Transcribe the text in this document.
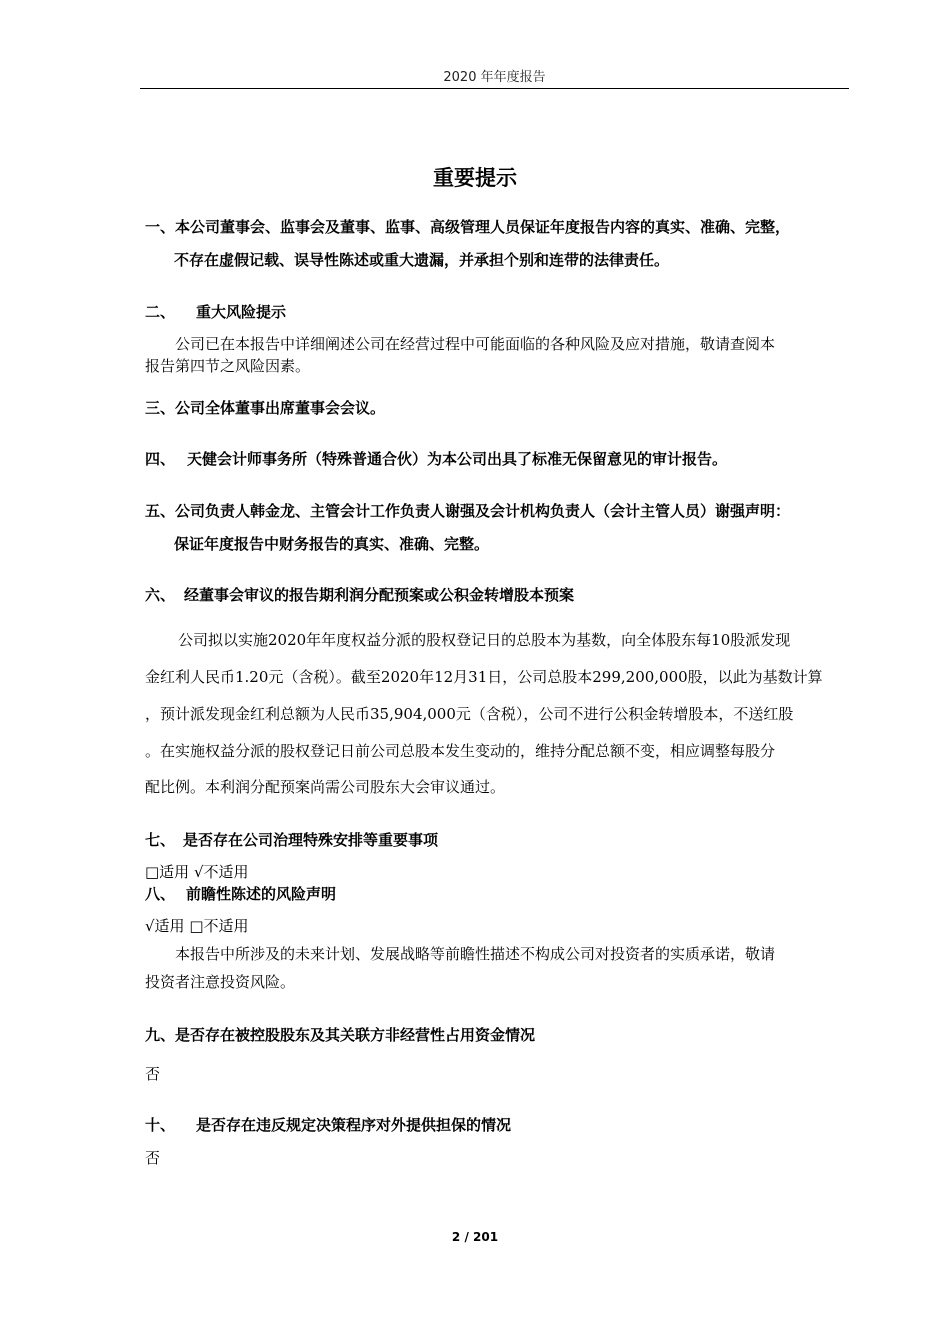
2020 年年度报告
重要提示
一、本公司董事会、监事会及董事、监事、高级管理人员保证年度报告内容的真实、准确、完整，
不存在虚假记载、误导性陈述或重大遗漏，并承担个别和连带的法律责任。
二、 重大风险提示
公司已在本报告中详细阐述公司在经营过程中可能面临的各种风险及应对措施，敬请查阅本
报告第四节之风险因素。
三、公司全体董事出席董事会会议。
四、 天健会计师事务所（特殊普通合伙）为本公司出具了标准无保留意见的审计报告。
五、公司负责人韩金龙、主管会计工作负责人谢强及会计机构负责人（会计主管人员）谢强声明：
保证年度报告中财务报告的真实、准确、完整。
六、 经董事会审议的报告期利润分配预案或公积金转增股本预案
公司拟以实施2020年年度权益分派的股权登记日的总股本为基数，向全体股东每10股派发现
金红利人民币1.20元（含税）。截至2020年12月31日，公司总股本299,200,000股，以此为基数计算
，预计派发现金红利总额为人民币35,904,000元（含税），公司不进行公积金转增股本，不送红股
。在实施权益分派的股权登记日前公司总股本发生变动的，维持分配总额不变，相应调整每股分
配比例。本利润分配预案尚需公司股东大会审议通过。
七、 是否存在公司治理特殊安排等重要事项
□适用 √不适用
八、 前瞻性陈述的风险声明
√适用 □不适用
本报告中所涉及的未来计划、发展战略等前瞻性描述不构成公司对投资者的实质承诺，敬请
投资者注意投资风险。
九、是否存在被控股股东及其关联方非经营性占用资金情况
否
十、 是否存在违反规定决策程序对外提供担保的情况
否
2 / 201
